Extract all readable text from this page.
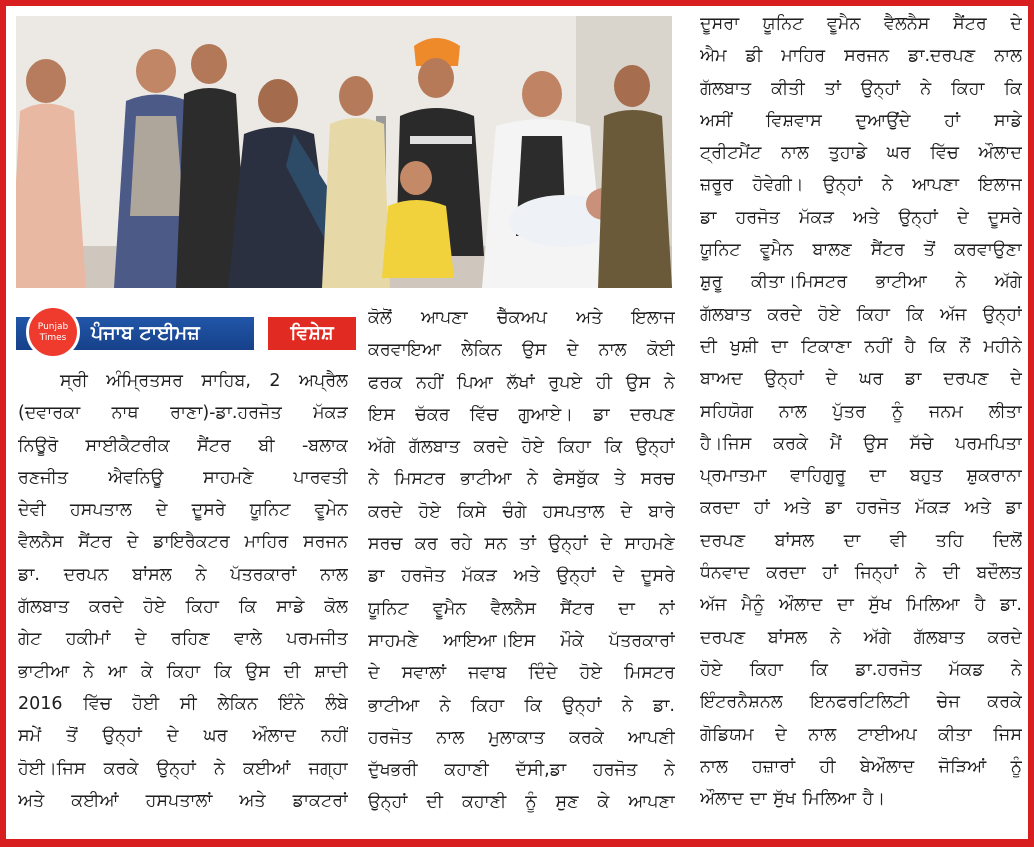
Punjab
Times	ਪੰਜਾਬ ਟਾਈਮਜ਼	ਵਿਸ਼ੇਸ਼
ਸ੍ਰੀ ਅੰਮ੍ਰਿਤਸਰ ਸਾਹਿਬ, 2 ਅਪ੍ਰੈਲ
(ਦਵਾਰਕਾ ਨਾਥ ਰਾਣਾ)-ਡਾ.ਹਰਜੋਤ ਮੱਕੜ
ਨਿਊਰੋ ਸਾਈਕੈਟਰੀਕ ਸੈਂਟਰ ਬੀ -ਬਲਾਕ
ਰਣਜੀਤ ਐਵਨਿਊ ਸਾਹਮਣੇ ਪਾਰਵਤੀ
ਦੇਵੀ ਹਸਪਤਾਲ ਦੇ ਦੂਸਰੇ ਯੂਨਿਟ ਵੂਮੇਨ
ਵੈਲਨੈਸ ਸੈਂਟਰ ਦੇ ਡਾਇਰੈਕਟਰ ਮਾਹਿਰ ਸਰਜਨ
ਡਾ. ਦਰਪਨ ਬਾਂਸਲ ਨੇ ਪੱਤਰਕਾਰਾਂ ਨਾਲ
ਗੱਲਬਾਤ ਕਰਦੇ ਹੋਏ ਕਿਹਾ ਕਿ ਸਾਡੇ ਕੋਲ
ਗੇਟ ਹਕੀਮਾਂ ਦੇ ਰਹਿਣ ਵਾਲੇ ਪਰਮਜੀਤ
ਭਾਟੀਆ ਨੇ ਆ ਕੇ ਕਿਹਾ ਕਿ ਉਸ ਦੀ ਸ਼ਾਦੀ
2016 ਵਿੱਚ ਹੋਈ ਸੀ ਲੇਕਿਨ ਇੰਨੇ ਲੰਬੇ
ਸਮੇਂ ਤੋਂ ਉਨ੍ਹਾਂ ਦੇ ਘਰ ਔਲਾਦ ਨਹੀਂ
ਹੋਈ।ਜਿਸ ਕਰਕੇ ਉਨ੍ਹਾਂ ਨੇ ਕਈਆਂ ਜਗ੍ਹਾ
ਅਤੇ ਕਈਆਂ ਹਸਪਤਾਲਾਂ ਅਤੇ ਡਾਕਟਰਾਂ
ਕੋਲੋਂ ਆਪਣਾ ਚੈੱਕਅਪ ਅਤੇ ਇਲਾਜ
ਕਰਵਾਇਆ ਲੇਕਿਨ ਉਸ ਦੇ ਨਾਲ ਕੋਈ
ਫਰਕ ਨਹੀਂ ਪਿਆ ਲੱਖਾਂ ਰੁਪਏ ਹੀ ਉਸ ਨੇ
ਇਸ ਚੱਕਰ ਵਿੱਚ ਗੁਆਏ। ਡਾ ਦਰਪਣ
ਅੱਗੇ ਗੱਲਬਾਤ ਕਰਦੇ ਹੋਏ ਕਿਹਾ ਕਿ ਉਨ੍ਹਾਂ
ਨੇ ਮਿਸਟਰ ਭਾਟੀਆ ਨੇ ਫੇਸਬੁੱਕ ਤੇ ਸਰਚ
ਕਰਦੇ ਹੋਏ ਕਿਸੇ ਚੰਗੇ ਹਸਪਤਾਲ ਦੇ ਬਾਰੇ
ਸਰਚ ਕਰ ਰਹੇ ਸਨ ਤਾਂ ਉਨ੍ਹਾਂ ਦੇ ਸਾਹਮਣੇ
ਡਾ ਹਰਜੋਤ ਮੱਕੜ ਅਤੇ ਉਨ੍ਹਾਂ ਦੇ ਦੂਸਰੇ
ਯੂਨਿਟ ਵੂਮੈਨ ਵੈਲਨੈਸ ਸੈਂਟਰ ਦਾ ਨਾਂ
ਸਾਹਮਣੇ ਆਇਆ।ਇਸ ਮੌਕੇ ਪੱਤਰਕਾਰਾਂ
ਦੇ ਸਵਾਲਾਂ ਜਵਾਬ ਦਿੰਦੇ ਹੋਏ ਮਿਸਟਰ
ਭਾਟੀਆ ਨੇ ਕਿਹਾ ਕਿ ਉਨ੍ਹਾਂ ਨੇ ਡਾ.
ਹਰਜੋਤ ਨਾਲ ਮੁਲਾਕਾਤ ਕਰਕੇ ਆਪਣੀ
ਦੁੱਖਭਰੀ ਕਹਾਣੀ ਦੱਸੀ,ਡਾ ਹਰਜੋਤ ਨੇ
ਉਨ੍ਹਾਂ ਦੀ ਕਹਾਣੀ ਨੂੰ ਸੁਣ ਕੇ ਆਪਣਾ
ਦੂਸਰਾ ਯੂਨਿਟ ਵੂਮੈਨ ਵੈਲਨੈਸ ਸੈਂਟਰ ਦੇ
ਐਮ ਡੀ ਮਾਹਿਰ ਸਰਜਨ ਡਾ.ਦਰਪਣ ਨਾਲ
ਗੱਲਬਾਤ ਕੀਤੀ ਤਾਂ ਉਨ੍ਹਾਂ ਨੇ ਕਿਹਾ ਕਿ
ਅਸੀਂ ਵਿਸ਼ਵਾਸ ਦੁਆਉਂਦੇ ਹਾਂ ਸਾਡੇ
ਟ੍ਰੀਟਮੈਂਟ ਨਾਲ ਤੁਹਾਡੇ ਘਰ ਵਿੱਚ ਔਲਾਦ
ਜ਼ਰੂਰ ਹੋਵੇਗੀ। ਉਨ੍ਹਾਂ ਨੇ ਆਪਣਾ ਇਲਾਜ
ਡਾ ਹਰਜੋਤ ਮੱਕੜ ਅਤੇ ਉਨ੍ਹਾਂ ਦੇ ਦੂਸਰੇ
ਯੂਨਿਟ ਵੂਮੈਨ ਬਾਲਣ ਸੈਂਟਰ ਤੋਂ ਕਰਵਾਉਣਾ
ਸ਼ੁਰੂ ਕੀਤਾ।ਮਿਸਟਰ ਭਾਟੀਆ ਨੇ ਅੱਗੇ
ਗੱਲਬਾਤ ਕਰਦੇ ਹੋਏ ਕਿਹਾ ਕਿ ਅੱਜ ਉਨ੍ਹਾਂ
ਦੀ ਖੁਸ਼ੀ ਦਾ ਟਿਕਾਣਾ ਨਹੀਂ ਹੈ ਕਿ ਨੌਂ ਮਹੀਨੇ
ਬਾਅਦ ਉਨ੍ਹਾਂ ਦੇ ਘਰ ਡਾ ਦਰਪਣ ਦੇ
ਸਹਿਯੋਗ ਨਾਲ ਪੁੱਤਰ ਨੂੰ ਜਨਮ ਲੀਤਾ
ਹੈ।ਜਿਸ ਕਰਕੇ ਮੈਂ ਉਸ ਸੱਚੇ ਪਰਮਪਿਤਾ
ਪ੍ਰਮਾਤਮਾ ਵਾਹਿਗੁਰੂ ਦਾ ਬਹੁਤ ਸ਼ੁਕਰਾਨਾ
ਕਰਦਾ ਹਾਂ ਅਤੇ ਡਾ ਹਰਜੋਤ ਮੱਕੜ ਅਤੇ ਡਾ
ਦਰਪਣ ਬਾਂਸਲ ਦਾ ਵੀ ਤਹਿ ਦਿਲੋਂ
ਧੰਨਵਾਦ ਕਰਦਾ ਹਾਂ ਜਿਨ੍ਹਾਂ ਨੇ ਦੀ ਬਦੌਲਤ
ਅੱਜ ਮੈਨੂੰ ਔਲਾਦ ਦਾ ਸੁੱਖ ਮਿਲਿਆ ਹੈ ਡਾ.
ਦਰਪਣ ਬਾਂਸਲ ਨੇ ਅੱਗੇ ਗੱਲਬਾਤ ਕਰਦੇ
ਹੋਏ ਕਿਹਾ ਕਿ ਡਾ.ਹਰਜੋਤ ਮੱਕਡ ਨੇ
ਇੰਟਰਨੈਸ਼ਨਲ ਇਨਫਰਟਿਲਿਟੀ ਚੇਜ ਕਰਕੇ
ਗੋਡਿਯਮ ਦੇ ਨਾਲ ਟਾਈਅਪ ਕੀਤਾ ਜਿਸ
ਨਾਲ ਹਜ਼ਾਰਾਂ ਹੀ ਬੇਔਲਾਦ ਜੋੜਿਆਂ ਨੂੰ
ਔਲਾਦ ਦਾ ਸੁੱਖ ਮਿਲਿਆ ਹੈ।
